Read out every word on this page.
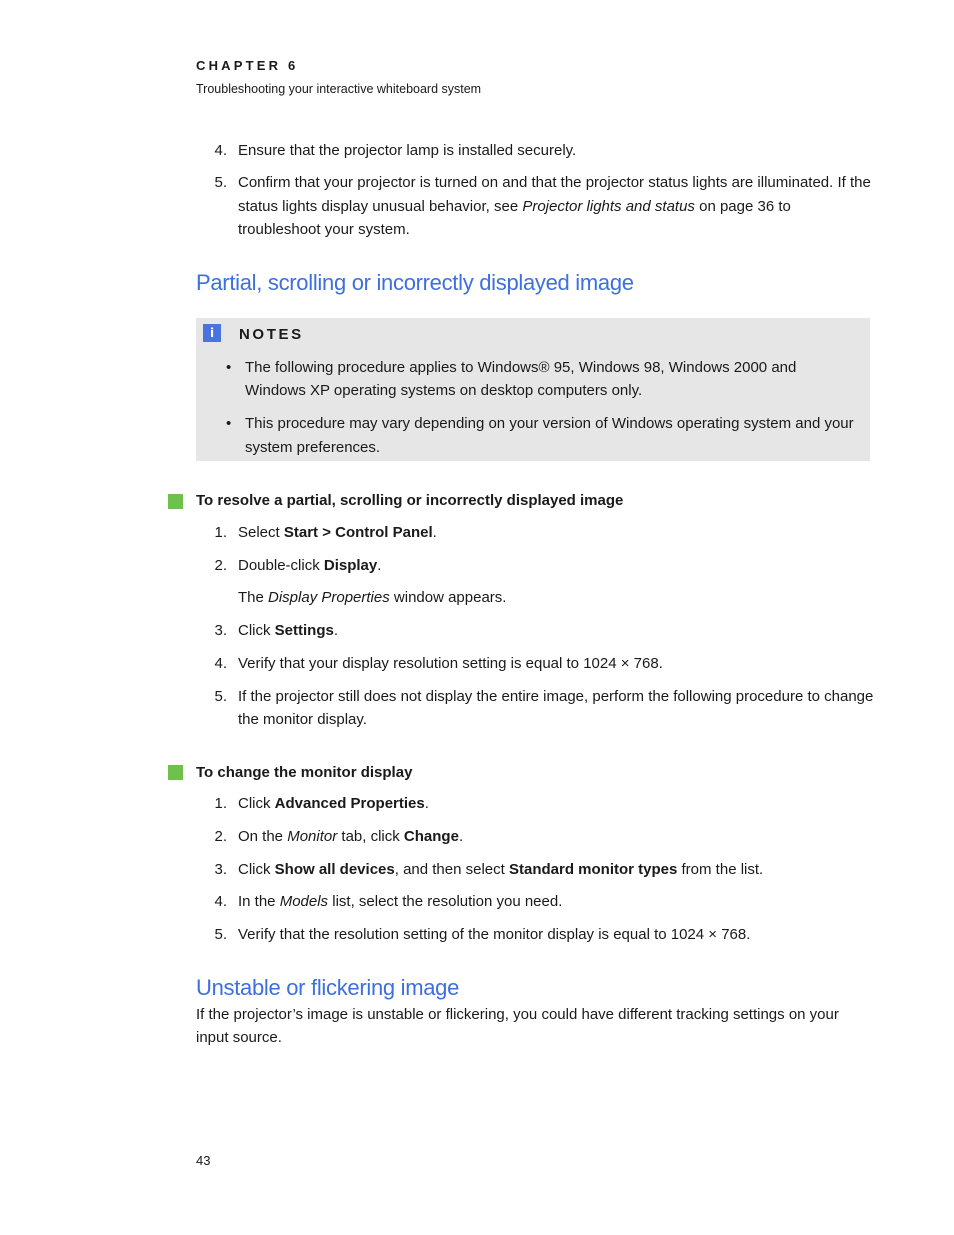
CHAPTER 6
Troubleshooting your interactive whiteboard system
4. Ensure that the projector lamp is installed securely.
5. Confirm that your projector is turned on and that the projector status lights are illuminated. If the
status lights display unusual behavior, see Projector lights and status on page 36 to
troubleshoot your system.
Partial, scrolling or incorrectly displayed image
i	NOTES
• The following procedure applies to Windows® 95, Windows 98, Windows 2000 and
Windows XP operating systems on desktop computers only.
• This procedure may vary depending on your version of Windows operating system and your
system preferences.
To resolve a partial, scrolling or incorrectly displayed image
1. Select Start > Control Panel.
2. Double-click Display.
The Display Properties window appears.
3. Click Settings.
4. Verify that your display resolution setting is equal to 1024 × 768.
5. If the projector still does not display the entire image, perform the following procedure to change
the monitor display.
To change the monitor display
1. Click Advanced Properties.
2. On the Monitor tab, click Change.
3. Click Show all devices, and then select Standard monitor types from the list.
4. In the Models list, select the resolution you need.
5. Verify that the resolution setting of the monitor display is equal to 1024 × 768.
Unstable or flickering image
If the projector’s image is unstable or flickering, you could have different tracking settings on your
input source.
43
